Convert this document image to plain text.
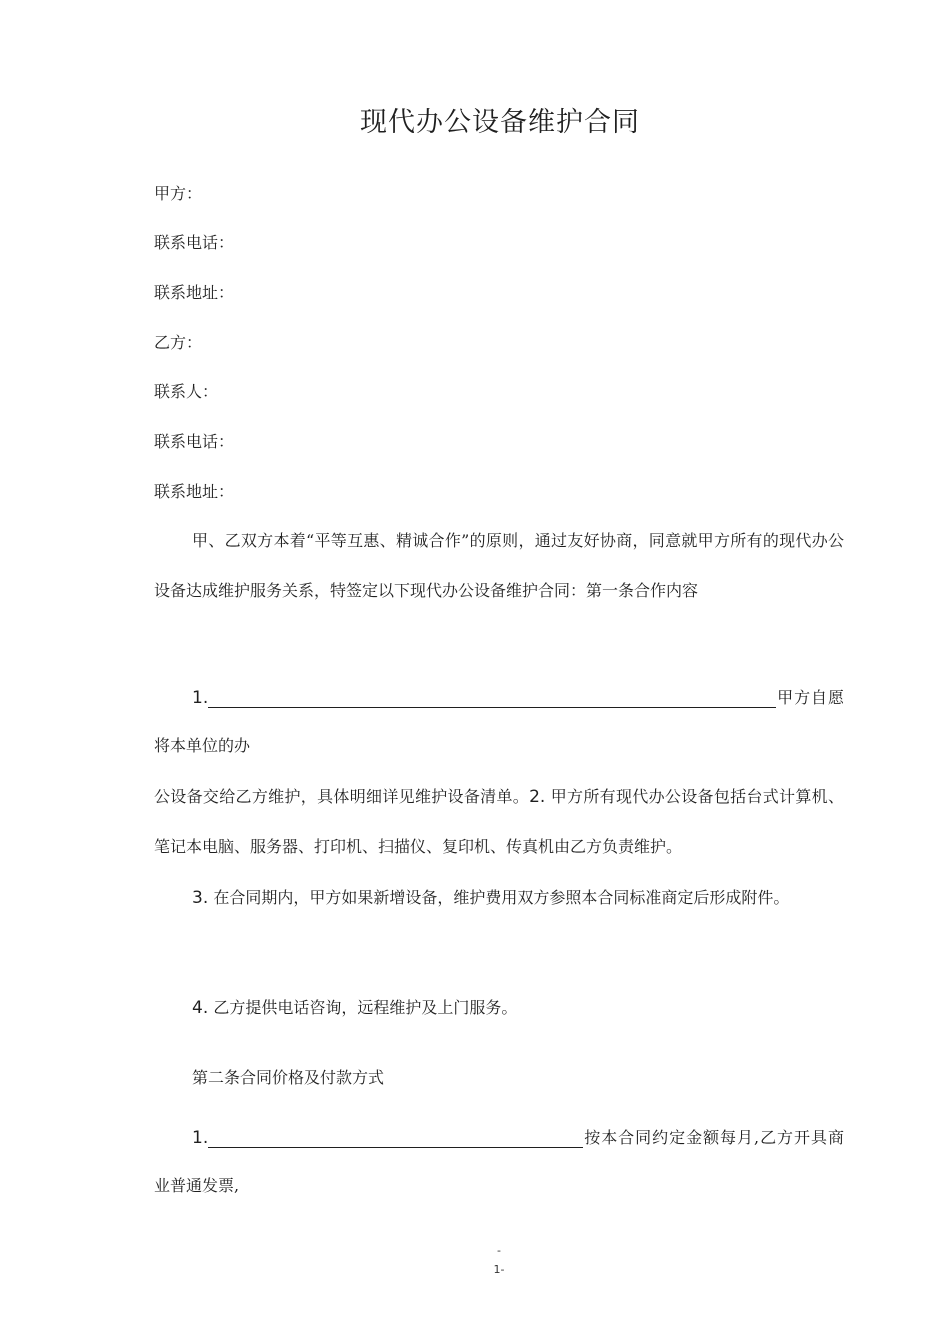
现代办公设备维护合同
甲方：
联系电话：
联系地址：
乙方：
联系人：
联系电话：
联系地址：
甲、乙双方本着“平等互惠、精诚合作”的原则，通过友好协商，同意就甲方所有的现代办公设备达成维护服务关系，特签定以下现代办公设备维护合同：第一条合作内容
1.	甲方自愿将本单位的办
公设备交给乙方维护，具体明细详见维护设备清单。2. 甲方所有现代办公设备包括台式计算机、笔记本电脑、服务器、打印机、扫描仪、复印机、传真机由乙方负责维护。
3. 在合同期内，甲方如果新增设备，维护费用双方参照本合同标准商定后形成附件。
4. 乙方提供电话咨询，远程维护及上门服务。
第二条合同价格及付款方式
1.	按本合同约定金额每月,乙方开具商业普通发票,
-
1-
